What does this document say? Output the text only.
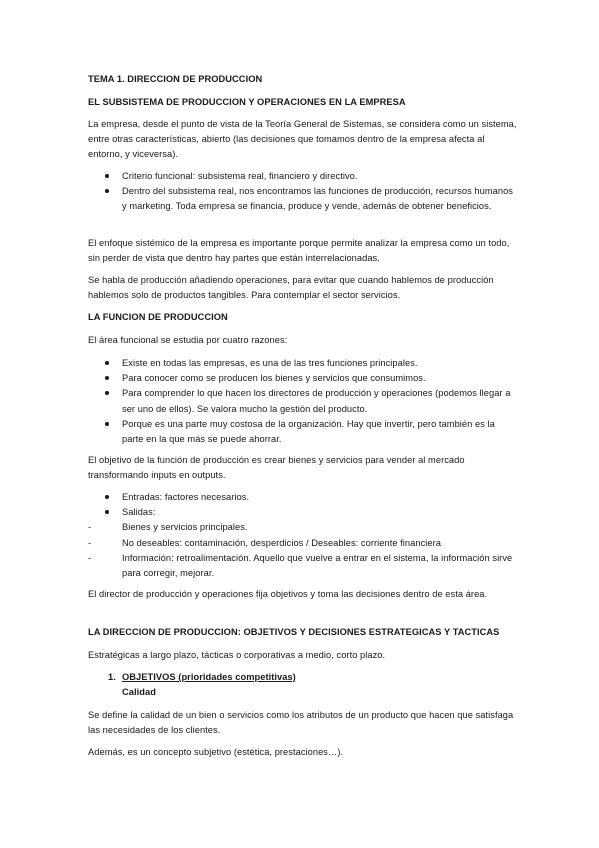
TEMA 1. DIRECCION DE PRODUCCION

EL SUBSISTEMA DE PRODUCCION Y OPERACIONES EN LA EMPRESA

La empresa, desde el punto de vista de la Teoría General de Sistemas, se considera como un sistema, entre otras características, abierto (las decisiones que tomamos dentro de la empresa afecta al entorno, y viceversa).

Criterio funcional: subsistema real, financiero y directivo.
Dentro del subsistema real, nos encontramos las funciones de producción, recursos humanos y marketing. Toda empresa se financia, produce y vende, además de obtener beneficios.

El enfoque sistémico de la empresa es importante porque permite analizar la empresa como un todo, sin perder de vista que dentro hay partes que están interrelacionadas.

Se habla de producción añadiendo operaciones, para evitar que cuando hablemos de producción hablemos solo de productos tangibles. Para contemplar el sector servicios.

LA FUNCION DE PRODUCCION

El área funcional se estudia por cuatro razones:

Existe en todas las empresas, es una de las tres funciones principales.
Para conocer como se producen los bienes y servicios que consumimos.
Para comprender lo que hacen los directores de producción y operaciones (podemos llegar a ser uno de ellos). Se valora mucho la gestión del producto.
Porque es una parte muy costosa de la organización. Hay que invertir, pero también es la parte en la que más se puede ahorrar.

El objetivo de la función de producción es crear bienes y servicios para vender al mercado transformando inputs en outputs.

Entradas: factores necesarios.
Salidas:
Bienes y servicios principales.
No deseables: contaminación, desperdicios / Deseables: corriente financiera
Información: retroalimentación. Aquello que vuelve a entrar en el sistema, la información sirve para corregir, mejorar.

El director de producción y operaciones fija objetivos y toma las decisiones dentro de esta área.

LA DIRECCION DE PRODUCCION: OBJETIVOS Y DECISIONES ESTRATEGICAS Y TACTICAS

Estratégicas a largo plazo, tácticas o corporativas a medio, corto plazo.

1. OBJETIVOS (prioridades competitivas)
Calidad

Se define la calidad de un bien o servicios como los atributos de un producto que hacen que satisfaga las necesidades de los clientes.

Además, es un concepto subjetivo (estética, prestaciones…).
